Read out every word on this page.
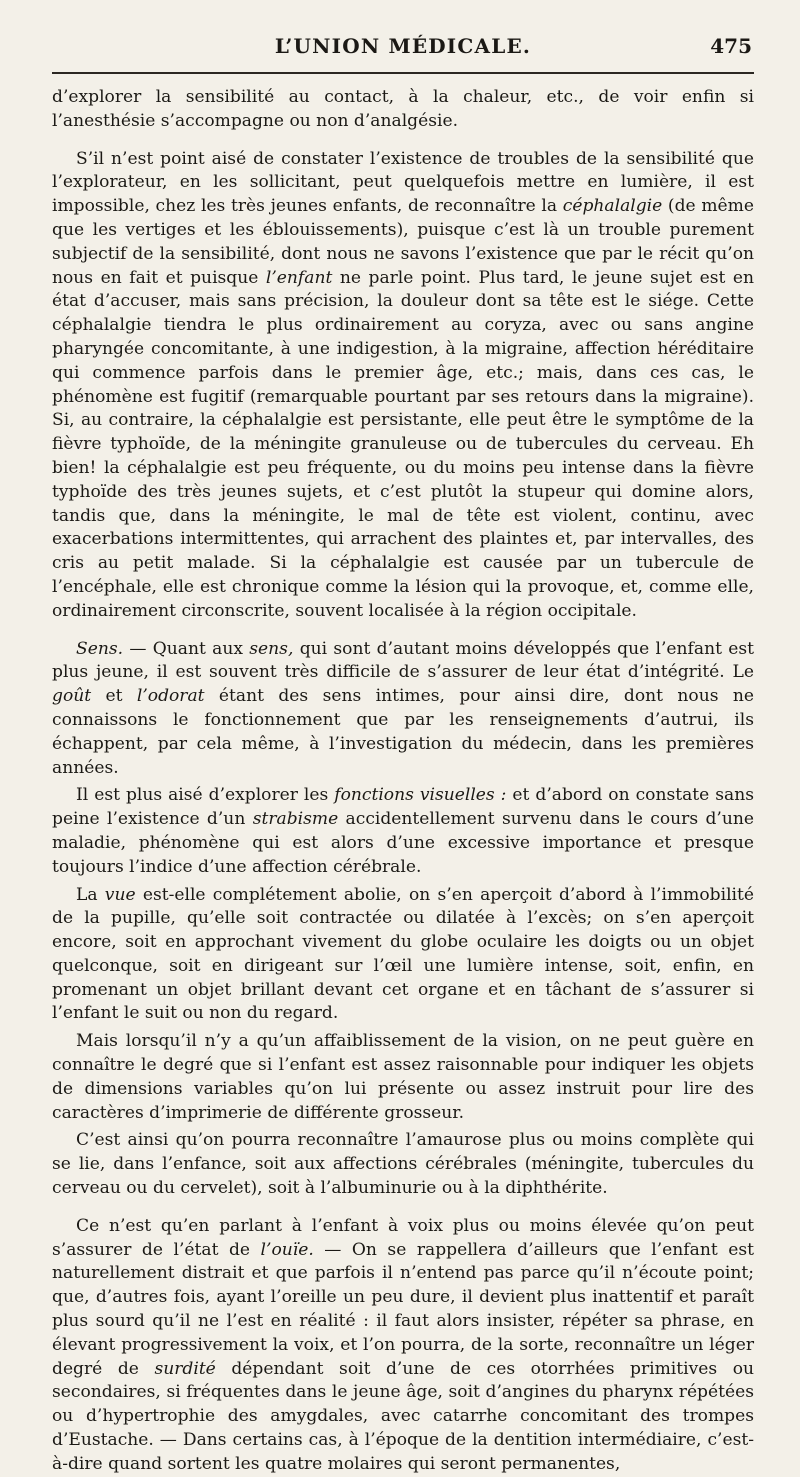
L’UNION MÉDICALE.	475

d’explorer la sensibilité au contact, à la chaleur, etc., de voir enfin si l’anesthésie s’accompagne ou non d’analgésie.

S’il n’est point aisé de constater l’existence de troubles de la sensibilité que l’explorateur, en les sollicitant, peut quelquefois mettre en lumière, il est impossible, chez les très jeunes enfants, de reconnaître la céphalalgie (de même que les vertiges et les éblouissements), puisque c’est là un trouble purement subjectif de la sensibilité, dont nous ne savons l’existence que par le récit qu’on nous en fait et puisque l’enfant ne parle point. Plus tard, le jeune sujet est en état d’accuser, mais sans précision, la douleur dont sa tête est le siége. Cette céphalalgie tiendra le plus ordinairement au coryza, avec ou sans angine pharyngée concomitante, à une indigestion, à la migraine, affection héréditaire qui commence parfois dans le premier âge, etc.; mais, dans ces cas, le phénomène est fugitif (remarquable pourtant par ses retours dans la migraine). Si, au contraire, la céphalalgie est persistante, elle peut être le symptôme de la fièvre typhoïde, de la méningite granuleuse ou de tubercules du cerveau. Eh bien! la céphalalgie est peu fréquente, ou du moins peu intense dans la fièvre typhoïde des très jeunes sujets, et c’est plutôt la stupeur qui domine alors, tandis que, dans la méningite, le mal de tête est violent, continu, avec exacerbations intermittentes, qui arrachent des plaintes et, par intervalles, des cris au petit malade. Si la céphalalgie est causée par un tubercule de l’encéphale, elle est chronique comme la lésion qui la provoque, et, comme elle, ordinairement circonscrite, souvent localisée à la région occipitale.

Sens. — Quant aux sens, qui sont d’autant moins développés que l’enfant est plus jeune, il est souvent très difficile de s’assurer de leur état d’intégrité. Le goût et l’odorat étant des sens intimes, pour ainsi dire, dont nous ne connaissons le fonctionnement que par les renseignements d’autrui, ils échappent, par cela même, à l’investigation du médecin, dans les premières années.

Il est plus aisé d’explorer les fonctions visuelles : et d’abord on constate sans peine l’existence d’un strabisme accidentellement survenu dans le cours d’une maladie, phénomène qui est alors d’une excessive importance et presque toujours l’indice d’une affection cérébrale.

La vue est-elle complétement abolie, on s’en aperçoit d’abord à l’immobilité de la pupille, qu’elle soit contractée ou dilatée à l’excès; on s’en aperçoit encore, soit en approchant vivement du globe oculaire les doigts ou un objet quelconque, soit en dirigeant sur l’œil une lumière intense, soit, enfin, en promenant un objet brillant devant cet organe et en tâchant de s’assurer si l’enfant le suit ou non du regard.

Mais lorsqu’il n’y a qu’un affaiblissement de la vision, on ne peut guère en connaître le degré que si l’enfant est assez raisonnable pour indiquer les objets de dimensions variables qu’on lui présente ou assez instruit pour lire des caractères d’imprimerie de différente grosseur.

C’est ainsi qu’on pourra reconnaître l’amaurose plus ou moins complète qui se lie, dans l’enfance, soit aux affections cérébrales (méningite, tubercules du cerveau ou du cervelet), soit à l’albuminurie ou à la diphthérite.

Ce n’est qu’en parlant à l’enfant à voix plus ou moins élevée qu’on peut s’assurer de l’état de l’ouïe. — On se rappellera d’ailleurs que l’enfant est naturellement distrait et que parfois il n’entend pas parce qu’il n’écoute point; que, d’autres fois, ayant l’oreille un peu dure, il devient plus inattentif et paraît plus sourd qu’il ne l’est en réalité : il faut alors insister, répéter sa phrase, en élevant progressivement la voix, et l’on pourra, de la sorte, reconnaître un léger degré de surdité dépendant soit d’une de ces otorrhées primitives ou secondaires, si fréquentes dans le jeune âge, soit d’angines du pharynx répétées ou d’hypertrophie des amygdales, avec catarrhe concomitant des trompes d’Eustache. — Dans certains cas, à l’époque de la dentition intermédiaire, c’est-à-dire quand sortent les quatre molaires qui seront permanentes,
